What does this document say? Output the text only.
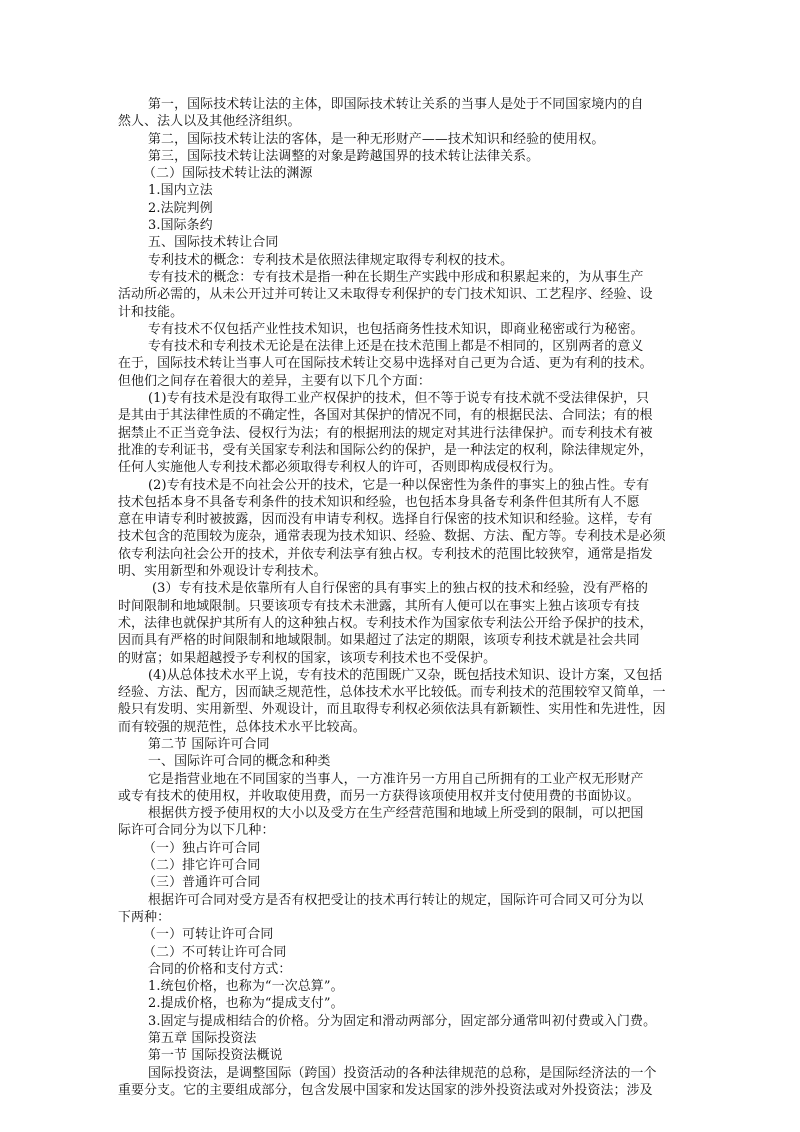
第一，国际技术转让法的主体，即国际技术转让关系的当事人是处于不同国家境内的自
然人、法人以及其他经济组织。
第二，国际技术转让法的客体，是一种无形财产——技术知识和经验的使用权。
第三，国际技术转让法调整的对象是跨越国界的技术转让法律关系。
（二）国际技术转让法的渊源
1.国内立法
2.法院判例
3.国际条约
五、国际技术转让合同
专利技术的概念：专利技术是依照法律规定取得专利权的技术。
专有技术的概念：专有技术是指一种在长期生产实践中形成和积累起来的，为从事生产
活动所必需的，从未公开过并可转让又未取得专利保护的专门技术知识、工艺程序、经验、设
计和技能。
专有技术不仅包括产业性技术知识，也包括商务性技术知识，即商业秘密或行为秘密。
专有技术和专利技术无论是在法律上还是在技术范围上都是不相同的，区别两者的意义
在于，国际技术转让当事人可在国际技术转让交易中选择对自己更为合适、更为有利的技术。
但他们之间存在着很大的差异，主要有以下几个方面：
(1)专有技术是没有取得工业产权保护的技术，但不等于说专有技术就不受法律保护，只
是其由于其法律性质的不确定性，各国对其保护的情况不同，有的根据民法、合同法；有的根
据禁止不正当竞争法、侵权行为法；有的根据刑法的规定对其进行法律保护。而专利技术有被
批准的专利证书，受有关国家专利法和国际公约的保护，是一种法定的权利，除法律规定外，
任何人实施他人专利技术都必须取得专利权人的许可，否则即构成侵权行为。
(2)专有技术是不向社会公开的技术，它是一种以保密性为条件的事实上的独占性。专有
技术包括本身不具备专利条件的技术知识和经验，也包括本身具备专利条件但其所有人不愿
意在申请专利时被披露，因而没有申请专利权。选择自行保密的技术知识和经验。这样，专有
技术包含的范围较为庞杂，通常表现为技术知识、经验、数据、方法、配方等。专利技术是必须
依专利法向社会公开的技术，并依专利法享有独占权。专利技术的范围比较狭窄，通常是指发
明、实用新型和外观设计专利技术。
(3）专有技术是依靠所有人自行保密的具有事实上的独占权的技术和经验，没有严格的
时间限制和地域限制。只要该项专有技术未泄露，其所有人便可以在事实上独占该项专有技
术，法律也就保护其所有人的这种独占权。专利技术作为国家依专利法公开给予保护的技术，
因而具有严格的时间限制和地域限制。如果超过了法定的期限，该项专利技术就是社会共同
的财富；如果超越授予专利权的国家，该项专利技术也不受保护。
(4)从总体技术水平上说，专有技术的范围既广又杂，既包括技术知识、设计方案，又包括
经验、方法、配方，因而缺乏规范性，总体技术水平比较低。而专利技术的范围较窄又简单，一
般只有发明、实用新型、外观设计，而且取得专利权必须依法具有新颖性、实用性和先进性，因
而有较强的规范性，总体技术水平比较高。
第二节 国际许可合同
一、国际许可合同的概念和种类
它是指营业地在不同国家的当事人，一方准许另一方用自己所拥有的工业产权无形财产
或专有技术的使用权，并收取使用费，而另一方获得该项使用权并支付使用费的书面协议。
根据供方授予使用权的大小以及受方在生产经营范围和地域上所受到的限制，可以把国
际许可合同分为以下几种：
（一）独占许可合同
（二）排它许可合同
（三）普通许可合同
根据许可合同对受方是否有权把受让的技术再行转让的规定，国际许可合同又可分为以
下两种：
（一）可转让许可合同
（二）不可转让许可合同
合同的价格和支付方式：
1.统包价格，也称为“一次总算”。
2.提成价格，也称为“提成支付”。
3.固定与提成相结合的价格。分为固定和滑动两部分，固定部分通常叫初付费或入门费。
第五章 国际投资法
第一节 国际投资法概说
国际投资法，是调整国际（跨国）投资活动的各种法律规范的总称，是国际经济法的一个
重要分支。它的主要组成部分，包含发展中国家和发达国家的涉外投资法或对外投资法；涉及
